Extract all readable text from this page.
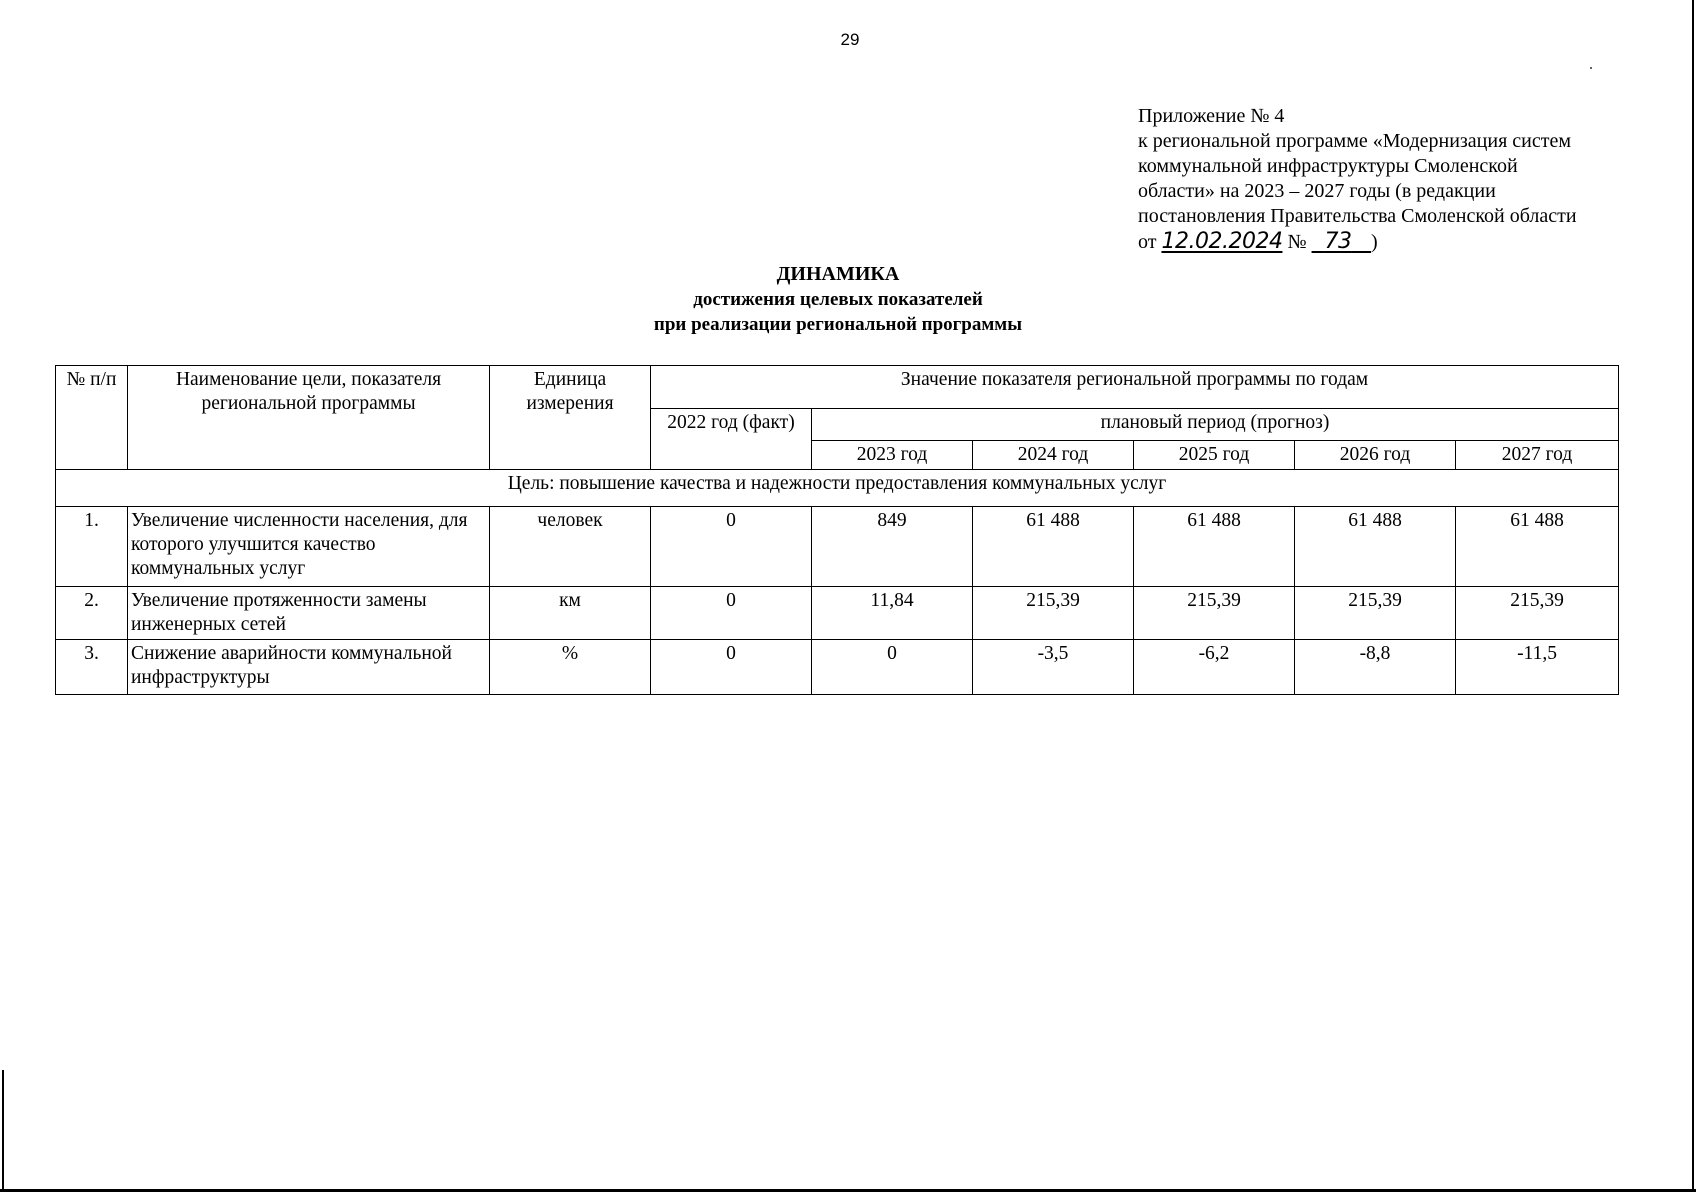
29
Приложение № 4
к региональной программе «Модернизация систем
коммунальной инфраструктуры Смоленской
области» на 2023 – 2027 годы (в редакции
постановления Правительства Смоленской области
от 12.02.2024 № 73 )
ДИНАМИКА
достижения целевых показателей
при реализации региональной программы
№ п/п	Наименование цели, показателя региональной программы	Единица измерения	Значение показателя региональной программы по годам					
			2022 год (факт)	плановый период (прогноз)				
				2023 год	2024 год	2025 год	2026 год	2027 год
Цель: повышение качества и надежности предоставления коммунальных услуг								
1.	Увеличение численности населения, для которого улучшится качество коммунальных услуг	человек	0	849	61 488	61 488	61 488	61 488
2.	Увеличение протяженности замены инженерных сетей	км	0	11,84	215,39	215,39	215,39	215,39
3.	Снижение аварийности коммунальной инфраструктуры	%	0	0	-3,5	-6,2	-8,8	-11,5
